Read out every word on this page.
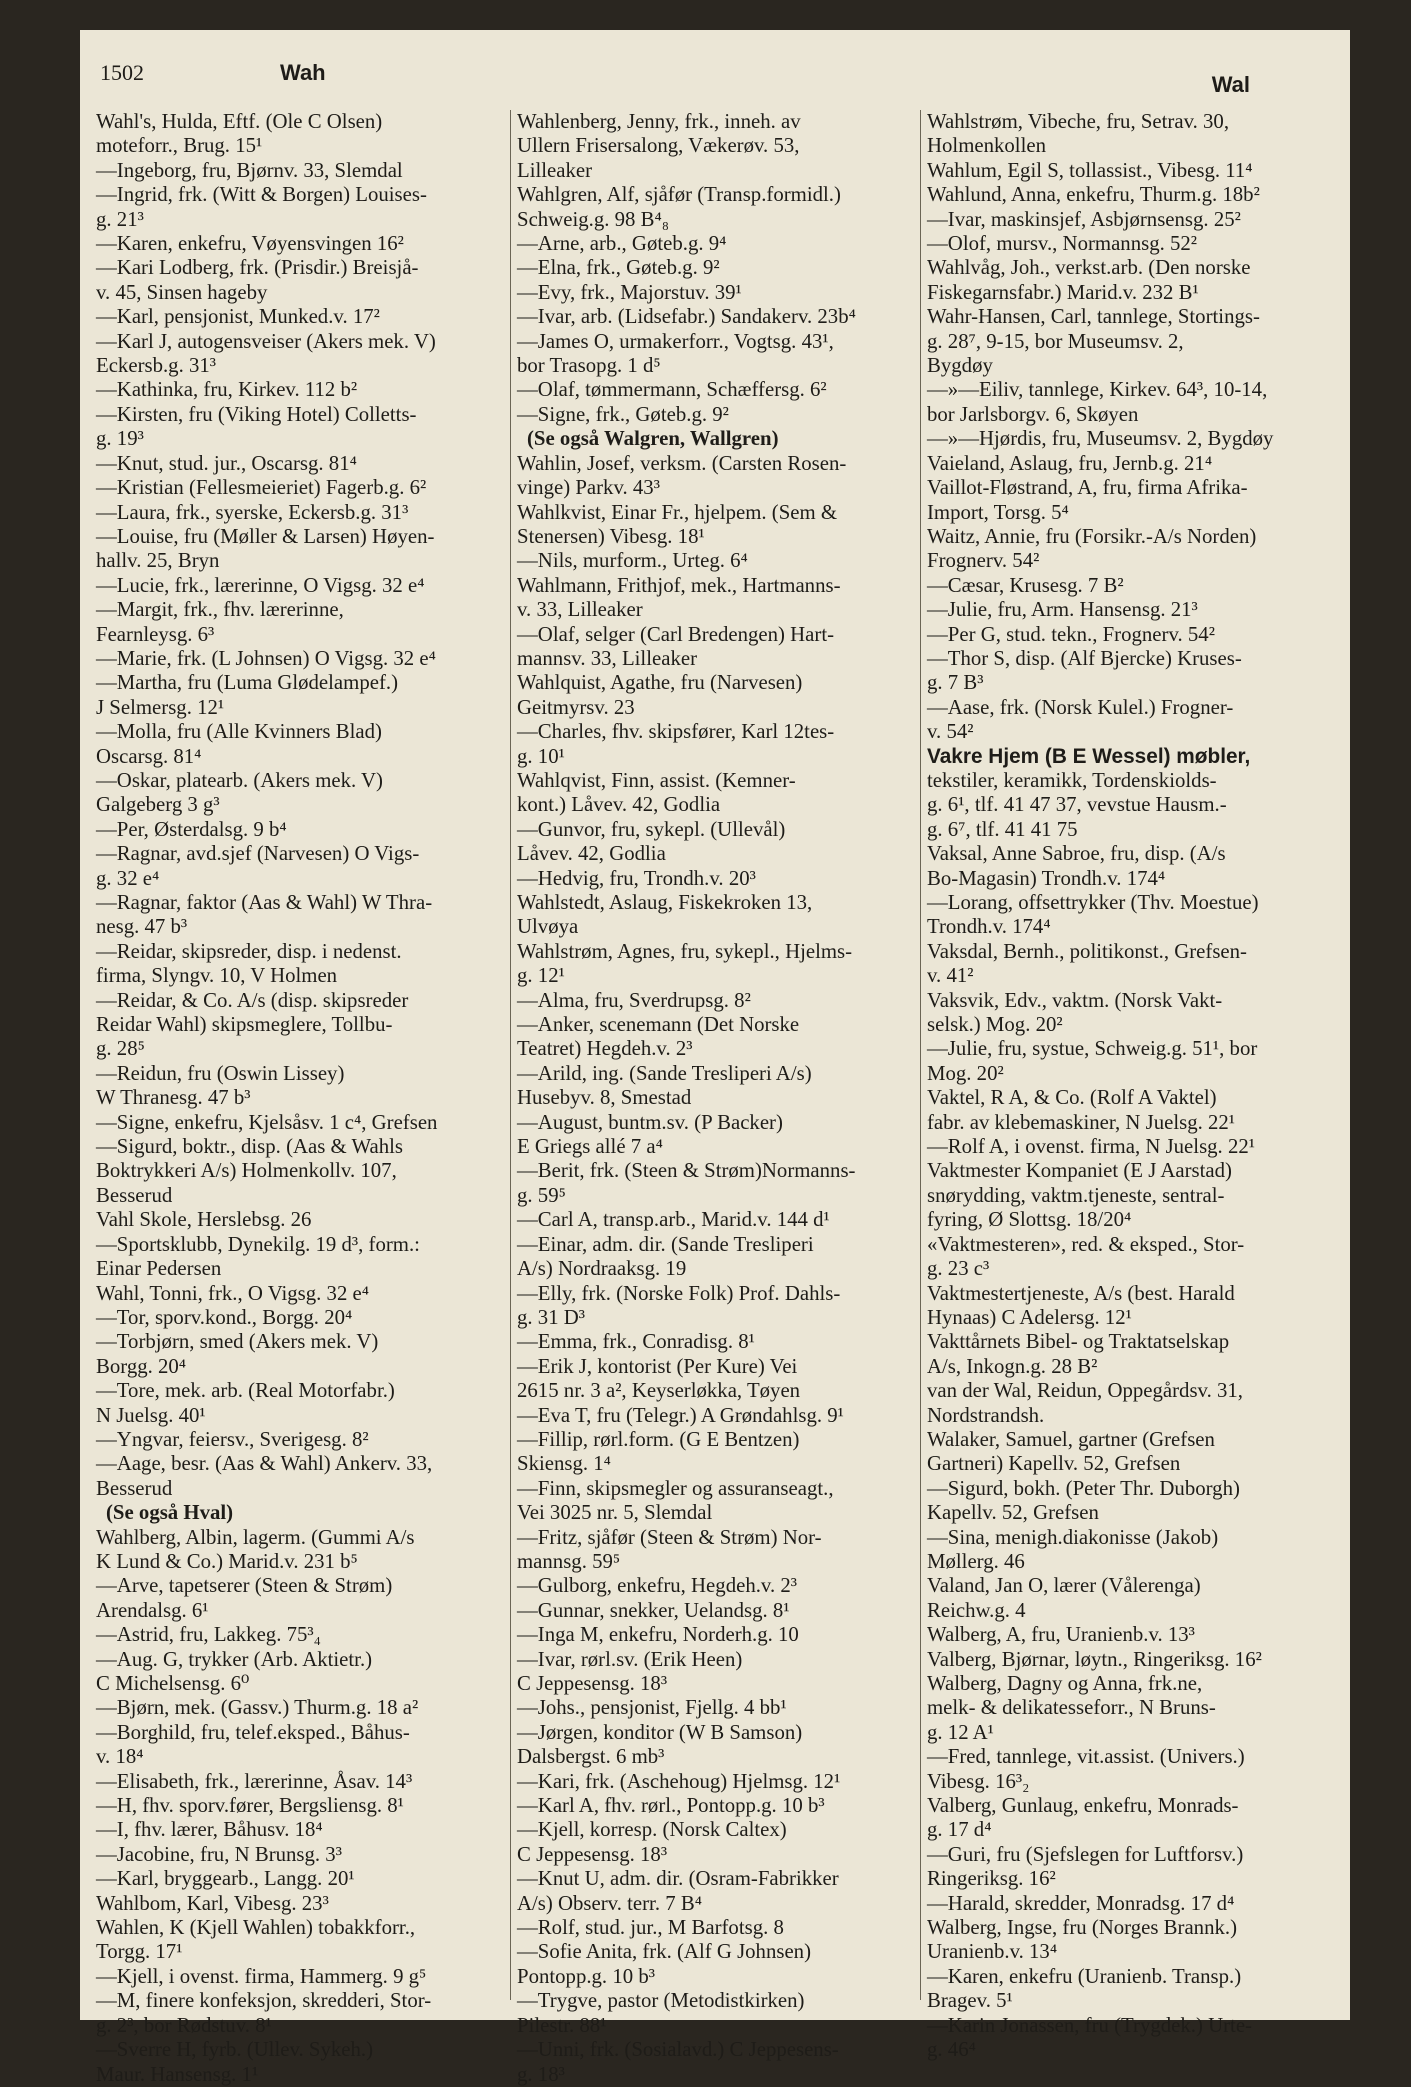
1502	Wah	Wal
Wahl's, Hulda, Eftf. (Ole C Olsen)
moteforr., Brug. 15¹
—Ingeborg, fru, Bjørnv. 33, Slemdal
—Ingrid, frk. (Witt & Borgen) Louises-
g. 21³
—Karen, enkefru, Vøyensvingen 16²
—Kari Lodberg, frk. (Prisdir.) Breisjå-
v. 45, Sinsen hageby
—Karl, pensjonist, Munked.v. 17²
—Karl J, autogensveiser (Akers mek. V)
Eckersb.g. 31³
—Kathinka, fru, Kirkev. 112 b²
—Kirsten, fru (Viking Hotel) Colletts-
g. 19³
—Knut, stud. jur., Oscarsg. 81⁴
—Kristian (Fellesmeieriet) Fagerb.g. 6²
—Laura, frk., syerske, Eckersb.g. 31³
—Louise, fru (Møller & Larsen) Høyen-
hallv. 25, Bryn
—Lucie, frk., lærerinne, O Vigsg. 32 e⁴
—Margit, frk., fhv. lærerinne,
Fearnleysg. 6³
—Marie, frk. (L Johnsen) O Vigsg. 32 e⁴
—Martha, fru (Luma Glødelampef.)
J Selmersg. 12¹
—Molla, fru (Alle Kvinners Blad)
Oscarsg. 81⁴
—Oskar, platearb. (Akers mek. V)
Galgeberg 3 g³
—Per, Østerdalsg. 9 b⁴
—Ragnar, avd.sjef (Narvesen) O Vigs-
g. 32 e⁴
—Ragnar, faktor (Aas & Wahl) W Thra-
nesg. 47 b³
—Reidar, skipsreder, disp. i nedenst.
firma, Slyngv. 10, V Holmen
—Reidar, & Co. A/s (disp. skipsreder
Reidar Wahl) skipsmeglere, Tollbu-
g. 28⁵
—Reidun, fru (Oswin Lissey)
W Thranesg. 47 b³
—Signe, enkefru, Kjelsåsv. 1 c⁴, Grefsen
—Sigurd, boktr., disp. (Aas & Wahls
Boktrykkeri A/s) Holmenkollv. 107,
Besserud
Vahl Skole, Herslebsg. 26
—Sportsklubb, Dynekilg. 19 d³, form.:
Einar Pedersen
Wahl, Tonni, frk., O Vigsg. 32 e⁴
—Tor, sporv.kond., Borgg. 20⁴
—Torbjørn, smed (Akers mek. V)
Borgg. 20⁴
—Tore, mek. arb. (Real Motorfabr.)
N Juelsg. 40¹
—Yngvar, feiersv., Sverigesg. 8²
—Aage, besr. (Aas & Wahl) Ankerv. 33,
Besserud
(Se også Hval)
Wahlberg, Albin, lagerm. (Gummi A/s
K Lund & Co.) Marid.v. 231 b⁵
—Arve, tapetserer (Steen & Strøm)
Arendalsg. 6¹
—Astrid, fru, Lakkeg. 75³₄
—Aug. G, trykker (Arb. Aktietr.)
C Michelsensg. 6⁰
—Bjørn, mek. (Gassv.) Thurm.g. 18 a²
—Borghild, fru, telef.eksped., Båhus-
v. 18⁴
—Elisabeth, frk., lærerinne, Åsav. 14³
—H, fhv. sporv.fører, Bergsliensg. 8¹
—I, fhv. lærer, Båhusv. 18⁴
—Jacobine, fru, N Brunsg. 3³
—Karl, bryggearb., Langg. 20¹
Wahlbom, Karl, Vibesg. 23³
Wahlen, K (Kjell Wahlen) tobakkforr.,
Torgg. 17¹
—Kjell, i ovenst. firma, Hammerg. 9 g⁵
—M, finere konfeksjon, skredderi, Stor-
g. 2³, bor Rødstuv. 8¹
—Sverre H, fyrb. (Ullev. Sykeh.)
Maur. Hansensg. 1¹
Wahlenberg, Jenny, frk., inneh. av
Ullern Frisersalong, Vækerøv. 53,
Lilleaker
Wahlgren, Alf, sjåfør (Transp.formidl.)
Schweig.g. 98 B⁴₈
—Arne, arb., Gøteb.g. 9⁴
—Elna, frk., Gøteb.g. 9²
—Evy, frk., Majorstuv. 39¹
—Ivar, arb. (Lidsefabr.) Sandakerv. 23b⁴
—James O, urmakerforr., Vogtsg. 43¹,
bor Trasopg. 1 d⁵
—Olaf, tømmermann, Schæffersg. 6²
—Signe, frk., Gøteb.g. 9²
(Se også Walgren, Wallgren)
Wahlin, Josef, verksm. (Carsten Rosen-
vinge) Parkv. 43³
Wahlkvist, Einar Fr., hjelpem. (Sem &
Stenersen) Vibesg. 18¹
—Nils, murform., Urteg. 6⁴
Wahlmann, Frithjof, mek., Hartmanns-
v. 33, Lilleaker
—Olaf, selger (Carl Bredengen) Hart-
mannsv. 33, Lilleaker
Wahlquist, Agathe, fru (Narvesen)
Geitmyrsv. 23
—Charles, fhv. skipsfører, Karl 12tes-
g. 10¹
Wahlqvist, Finn, assist. (Kemner-
kont.) Låvev. 42, Godlia
—Gunvor, fru, sykepl. (Ullevål)
Låvev. 42, Godlia
—Hedvig, fru, Trondh.v. 20³
Wahlstedt, Aslaug, Fiskekroken 13,
Ulvøya
Wahlstrøm, Agnes, fru, sykepl., Hjelms-
g. 12¹
—Alma, fru, Sverdrupsg. 8²
—Anker, scenemann (Det Norske
Teatret) Hegdeh.v. 2³
—Arild, ing. (Sande Tresliperi A/s)
Husebyv. 8, Smestad
—August, buntm.sv. (P Backer)
E Griegs allé 7 a⁴
—Berit, frk. (Steen & Strøm)Normanns-
g. 59⁵
—Carl A, transp.arb., Marid.v. 144 d¹
—Einar, adm. dir. (Sande Tresliperi
A/s) Nordraaksg. 19
—Elly, frk. (Norske Folk) Prof. Dahls-
g. 31 D³
—Emma, frk., Conradisg. 8¹
—Erik J, kontorist (Per Kure) Vei
2615 nr. 3 a², Keyserløkka, Tøyen
—Eva T, fru (Telegr.) A Grøndahlsg. 9¹
—Fillip, rørl.form. (G E Bentzen)
Skiensg. 1⁴
—Finn, skipsmegler og assuranseagt.,
Vei 3025 nr. 5, Slemdal
—Fritz, sjåfør (Steen & Strøm) Nor-
mannsg. 59⁵
—Gulborg, enkefru, Hegdeh.v. 2³
—Gunnar, snekker, Uelandsg. 8¹
—Inga M, enkefru, Norderh.g. 10
—Ivar, rørl.sv. (Erik Heen)
C Jeppesensg. 18³
—Johs., pensjonist, Fjellg. 4 bb¹
—Jørgen, konditor (W B Samson)
Dalsbergst. 6 mb³
—Kari, frk. (Aschehoug) Hjelmsg. 12¹
—Karl A, fhv. rørl., Pontopp.g. 10 b³
—Kjell, korresp. (Norsk Caltex)
C Jeppesensg. 18³
—Knut U, adm. dir. (Osram-Fabrikker
A/s) Observ. terr. 7 B⁴
—Rolf, stud. jur., M Barfotsg. 8
—Sofie Anita, frk. (Alf G Johnsen)
Pontopp.g. 10 b³
—Trygve, pastor (Metodistkirken)
Pilestr. 88¹
—Unni, frk. (Sosialavd.) C Jeppesens-
g. 18³
Wahlstrøm, Vibeche, fru, Setrav. 30,
Holmenkollen
Wahlum, Egil S, tollassist., Vibesg. 11⁴
Wahlund, Anna, enkefru, Thurm.g. 18b²
—Ivar, maskinsjef, Asbjørnsensg. 25²
—Olof, mursv., Normannsg. 52²
Wahlvåg, Joh., verkst.arb. (Den norske
Fiskegarnsfabr.) Marid.v. 232 B¹
Wahr-Hansen, Carl, tannlege, Stortings-
g. 28⁷, 9-15, bor Museumsv. 2,
Bygdøy
—»—Eiliv, tannlege, Kirkev. 64³, 10-14,
bor Jarlsborgv. 6, Skøyen
—»—Hjørdis, fru, Museumsv. 2, Bygdøy
Vaieland, Aslaug, fru, Jernb.g. 21⁴
Vaillot-Fløstrand, A, fru, firma Afrika-
Import, Torsg. 5⁴
Waitz, Annie, fru (Forsikr.-A/s Norden)
Frognerv. 54²
—Cæsar, Krusesg. 7 B²
—Julie, fru, Arm. Hansensg. 21³
—Per G, stud. tekn., Frognerv. 54²
—Thor S, disp. (Alf Bjercke) Kruses-
g. 7 B³
—Aase, frk. (Norsk Kulel.) Frogner-
v. 54²
Vakre Hjem (B E Wessel) møbler,
tekstiler, keramikk, Tordenskiolds-
g. 6¹, tlf. 41 47 37, vevstue Hausm.-
g. 6⁷, tlf. 41 41 75
Vaksal, Anne Sabroe, fru, disp. (A/s
Bo-Magasin) Trondh.v. 174⁴
—Lorang, offsettrykker (Thv. Moestue)
Trondh.v. 174⁴
Vaksdal, Bernh., politikonst., Grefsen-
v. 41²
Vaksvik, Edv., vaktm. (Norsk Vakt-
selsk.) Mog. 20²
—Julie, fru, systue, Schweig.g. 51¹, bor
Mog. 20²
Vaktel, R A, & Co. (Rolf A Vaktel)
fabr. av klebemaskiner, N Juelsg. 22¹
—Rolf A, i ovenst. firma, N Juelsg. 22¹
Vaktmester Kompaniet (E J Aarstad)
snørydding, vaktm.tjeneste, sentral-
fyring, Ø Slottsg. 18/20⁴
«Vaktmesteren», red. & eksped., Stor-
g. 23 c³
Vaktmestertjeneste, A/s (best. Harald
Hynaas) C Adelersg. 12¹
Vakttårnets Bibel- og Traktatselskap
A/s, Inkogn.g. 28 B²
van der Wal, Reidun, Oppegårdsv. 31,
Nordstrandsh.
Walaker, Samuel, gartner (Grefsen
Gartneri) Kapellv. 52, Grefsen
—Sigurd, bokh. (Peter Thr. Duborgh)
Kapellv. 52, Grefsen
—Sina, menigh.diakonisse (Jakob)
Møllerg. 46
Valand, Jan O, lærer (Vålerenga)
Reichw.g. 4
Walberg, A, fru, Uranienb.v. 13³
Valberg, Bjørnar, løytn., Ringeriksg. 16²
Walberg, Dagny og Anna, frk.ne,
melk- & delikatesseforr., N Bruns-
g. 12 A¹
—Fred, tannlege, vit.assist. (Univers.)
Vibesg. 16³₂
Valberg, Gunlaug, enkefru, Monrads-
g. 17 d⁴
—Guri, fru (Sjefslegen for Luftforsv.)
Ringeriksg. 16²
—Harald, skredder, Monradsg. 17 d⁴
Walberg, Ingse, fru (Norges Brannk.)
Uranienb.v. 13⁴
—Karen, enkefru (Uranienb. Transp.)
Bragev. 5¹
—Karin Jonassen, fru (Trygdek.) Urte-
g. 46⁴
